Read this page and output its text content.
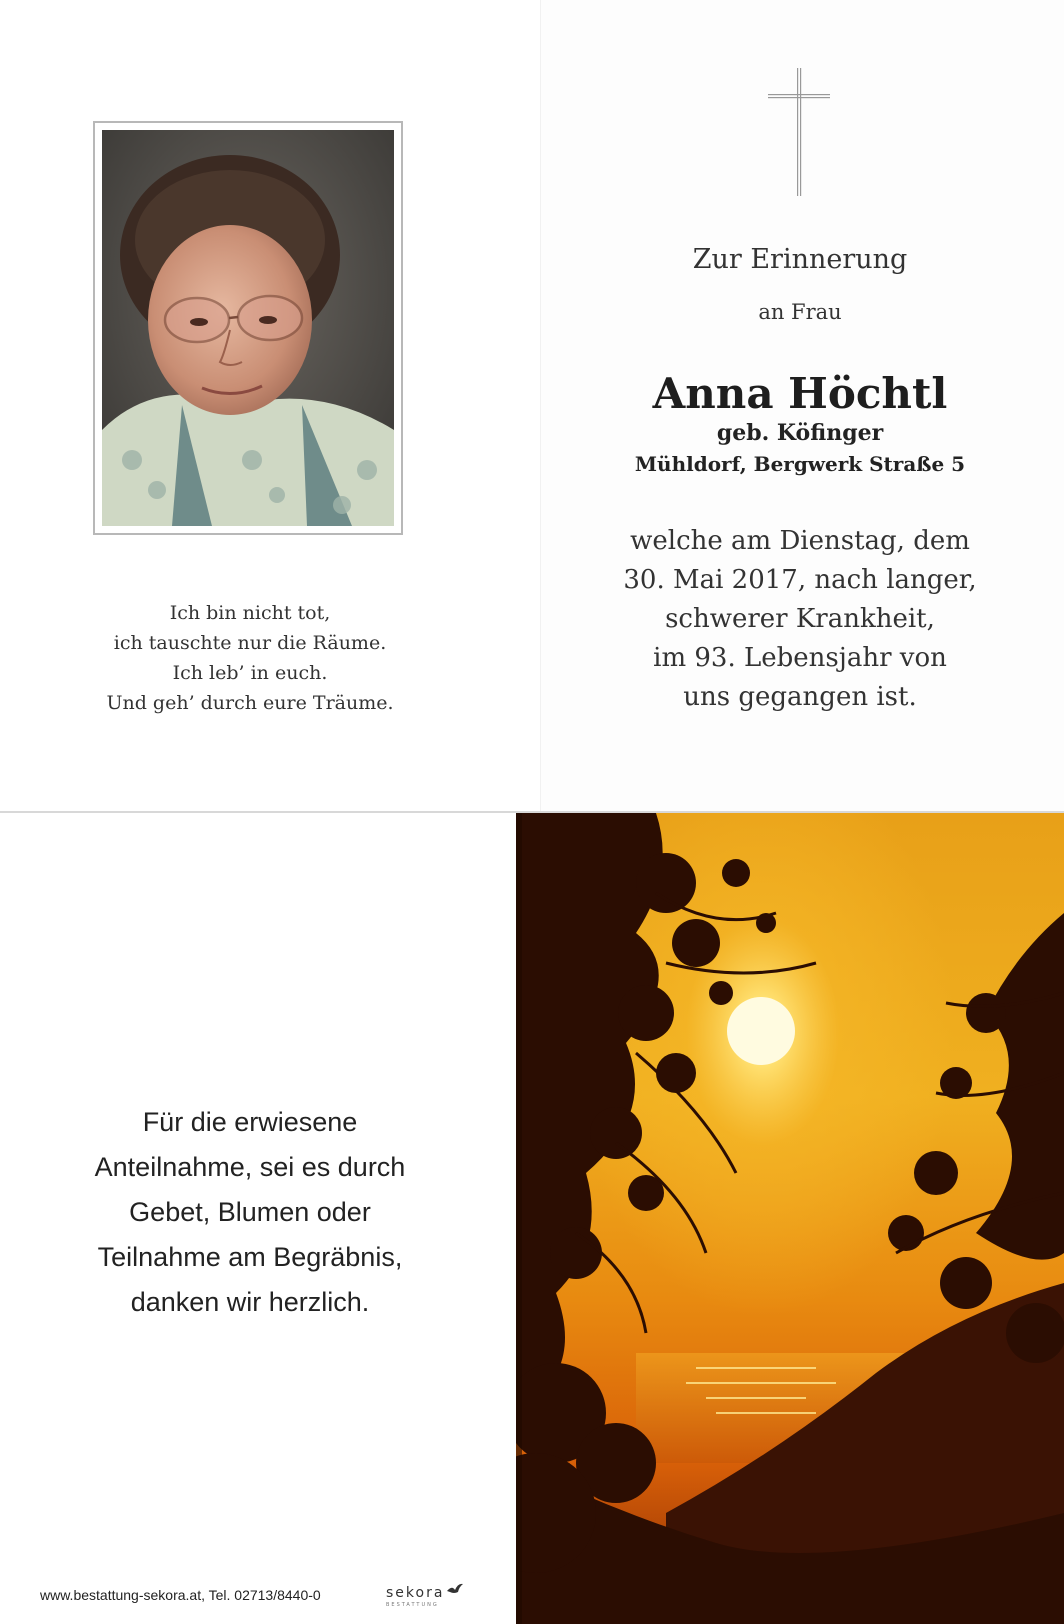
Ich bin nicht tot,
ich tauschte nur die Räume.
Ich leb’ in euch.
Und geh’ durch eure Träume.
Zur Erinnerung
an Frau
Anna Höchtl
geb. Köfinger
Mühldorf, Bergwerk Straße 5
welche am Dienstag, dem
30. Mai 2017, nach langer,
schwerer Krankheit,
im 93. Lebensjahr von
uns gegangen ist.
Für die erwiesene
Anteilnahme, sei es durch
Gebet, Blumen oder
Teilnahme am Begräbnis,
danken wir herzlich.
www.bestattung-sekora.at, Tel. 02713/8440-0	sekora
BESTATTUNG
